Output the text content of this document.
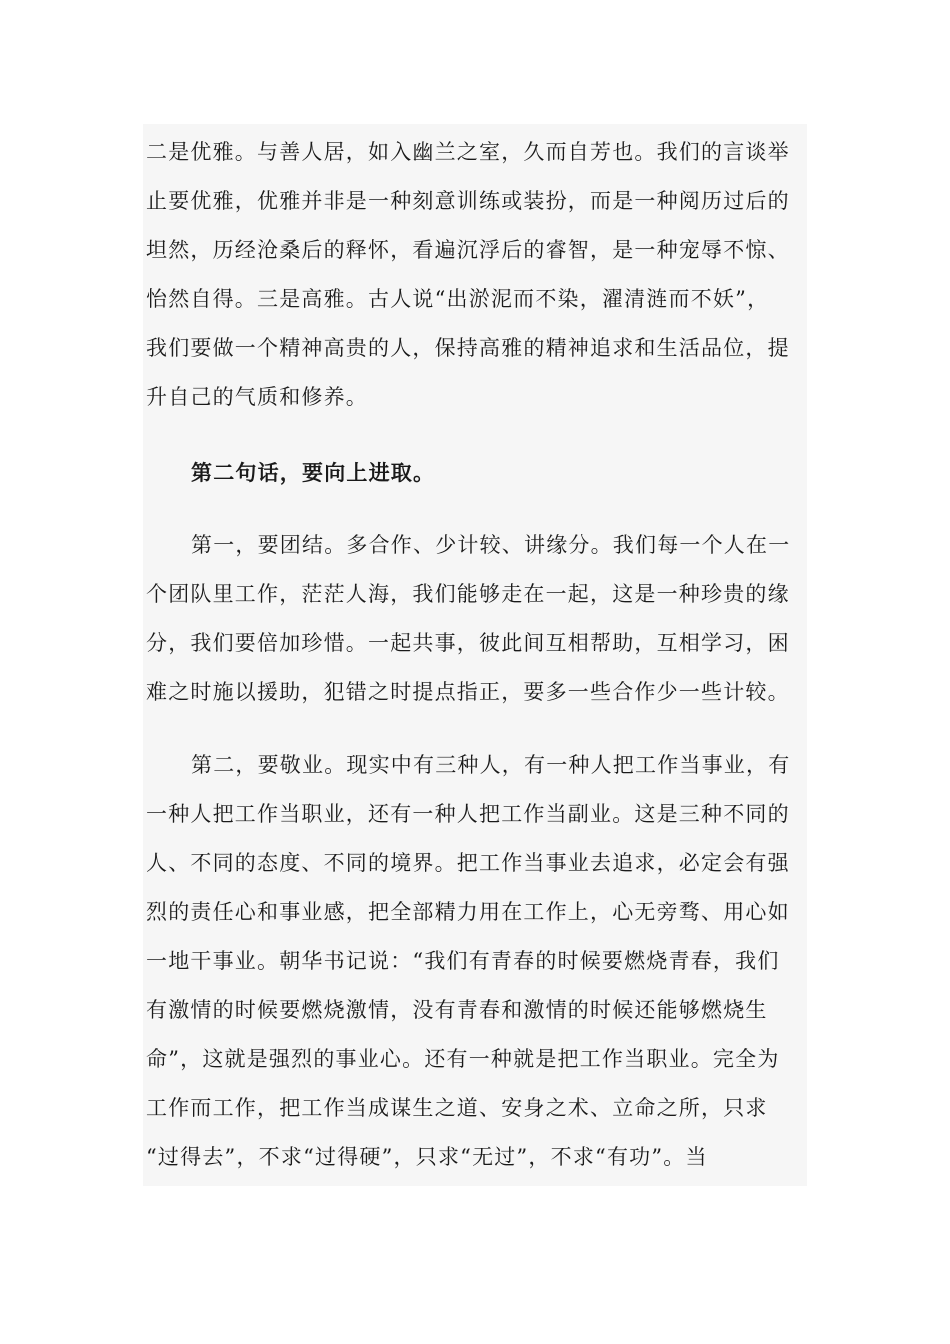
二是优雅。与善人居，如入幽兰之室，久而自芳也。我们的言谈举
止要优雅，优雅并非是一种刻意训练或装扮，而是一种阅历过后的
坦然，历经沧桑后的释怀，看遍沉浮后的睿智，是一种宠辱不惊、
怡然自得。三是高雅。古人说“出淤泥而不染，濯清涟而不妖”，
我们要做一个精神高贵的人，保持高雅的精神追求和生活品位，提
升自己的气质和修养。
第二句话，要向上进取。
第一，要团结。多合作、少计较、讲缘分。我们每一个人在一
个团队里工作，茫茫人海，我们能够走在一起，这是一种珍贵的缘
分，我们要倍加珍惜。一起共事，彼此间互相帮助，互相学习，困
难之时施以援助，犯错之时提点指正，要多一些合作少一些计较。
第二，要敬业。现实中有三种人，有一种人把工作当事业，有
一种人把工作当职业，还有一种人把工作当副业。这是三种不同的
人、不同的态度、不同的境界。把工作当事业去追求，必定会有强
烈的责任心和事业感，把全部精力用在工作上，心无旁骛、用心如
一地干事业。朝华书记说：“我们有青春的时候要燃烧青春，我们
有激情的时候要燃烧激情，没有青春和激情的时候还能够燃烧生
命”，这就是强烈的事业心。还有一种就是把工作当职业。完全为
工作而工作，把工作当成谋生之道、安身之术、立命之所，只求
“过得去”，不求“过得硬”，只求“无过”，不求“有功”。当
